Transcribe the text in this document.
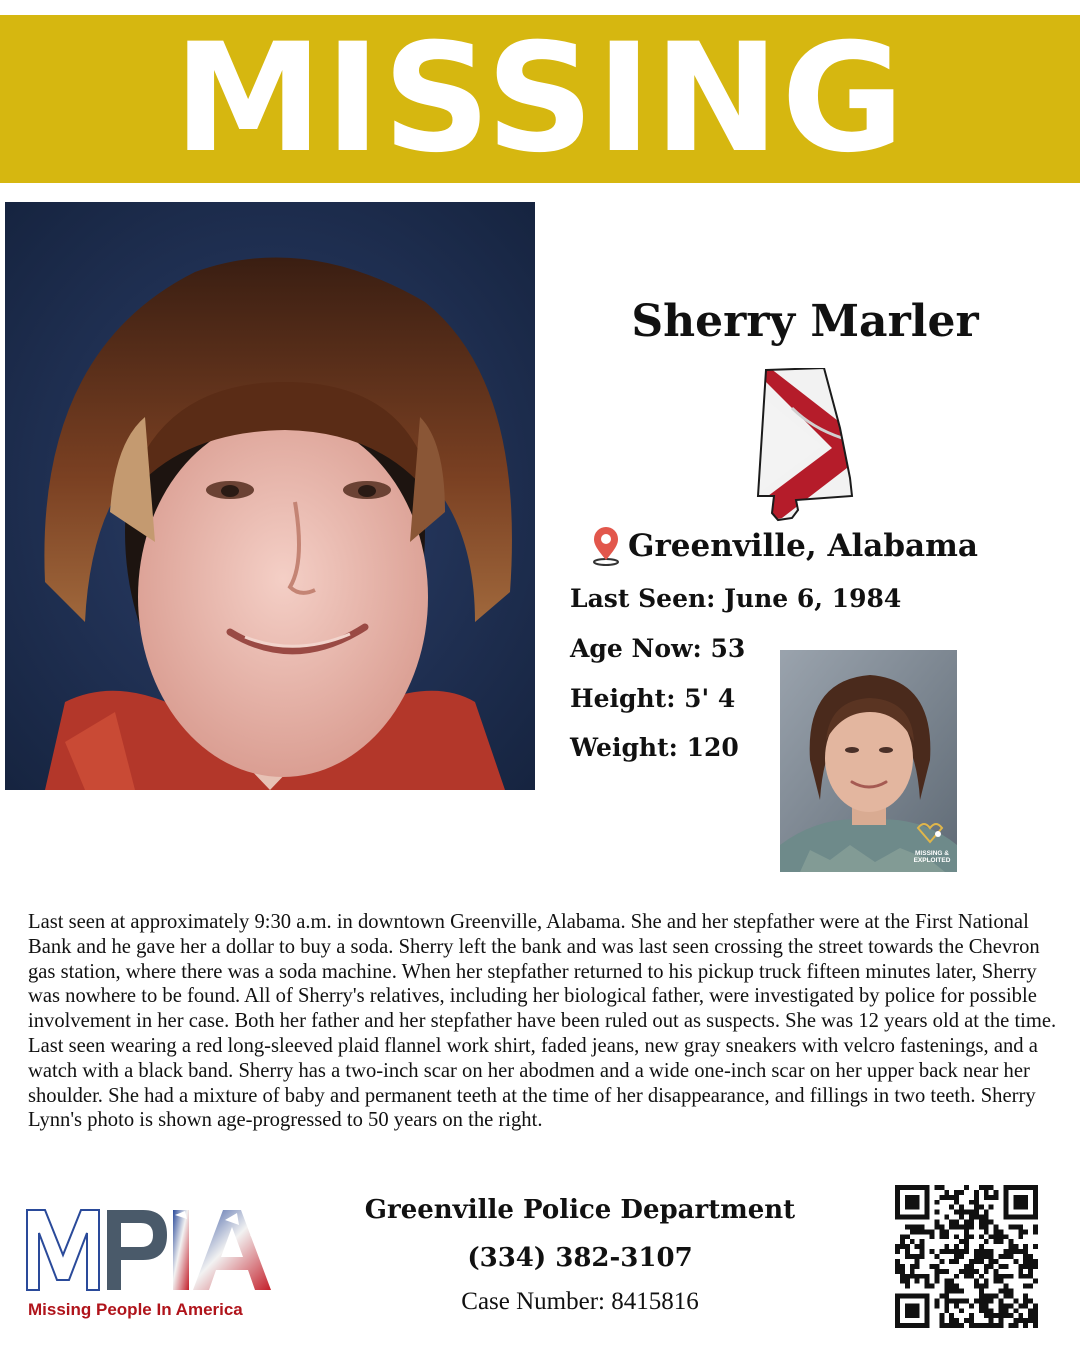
MISSING
Sherry Marler
Greenville, Alabama
Last Seen: June 6, 1984
Age Now: 53
Height: 5' 4
Weight: 120
MISSING & EXPLOITED
Last seen at approximately 9:30 a.m. in downtown Greenville, Alabama. She and her stepfather were at the First National Bank and he gave her a dollar to buy a soda. Sherry left the bank and was last seen crossing the street towards the Chevron gas station, where there was a soda machine. When her stepfather returned to his pickup truck fifteen minutes later, Sherry was nowhere to be found. All of Sherry's relatives, including her biological father, were investigated by police for possible involvement in her case. Both her father and her stepfather have been ruled out as suspects. She was 12 years old at the time. Last seen wearing a red long-sleeved plaid flannel work shirt, faded jeans, new gray sneakers with velcro fastenings, and a watch with a black band. Sherry has a two-inch scar on her abodmen and a wide one-inch scar on her upper back near her shoulder. She had a mixture of baby and permanent teeth at the time of her disappearance, and fillings in two teeth. Sherry Lynn's photo is shown age-progressed to 50 years on the right.
Missing People In America
Greenville Police Department
(334) 382-3107
Case Number: 8415816
